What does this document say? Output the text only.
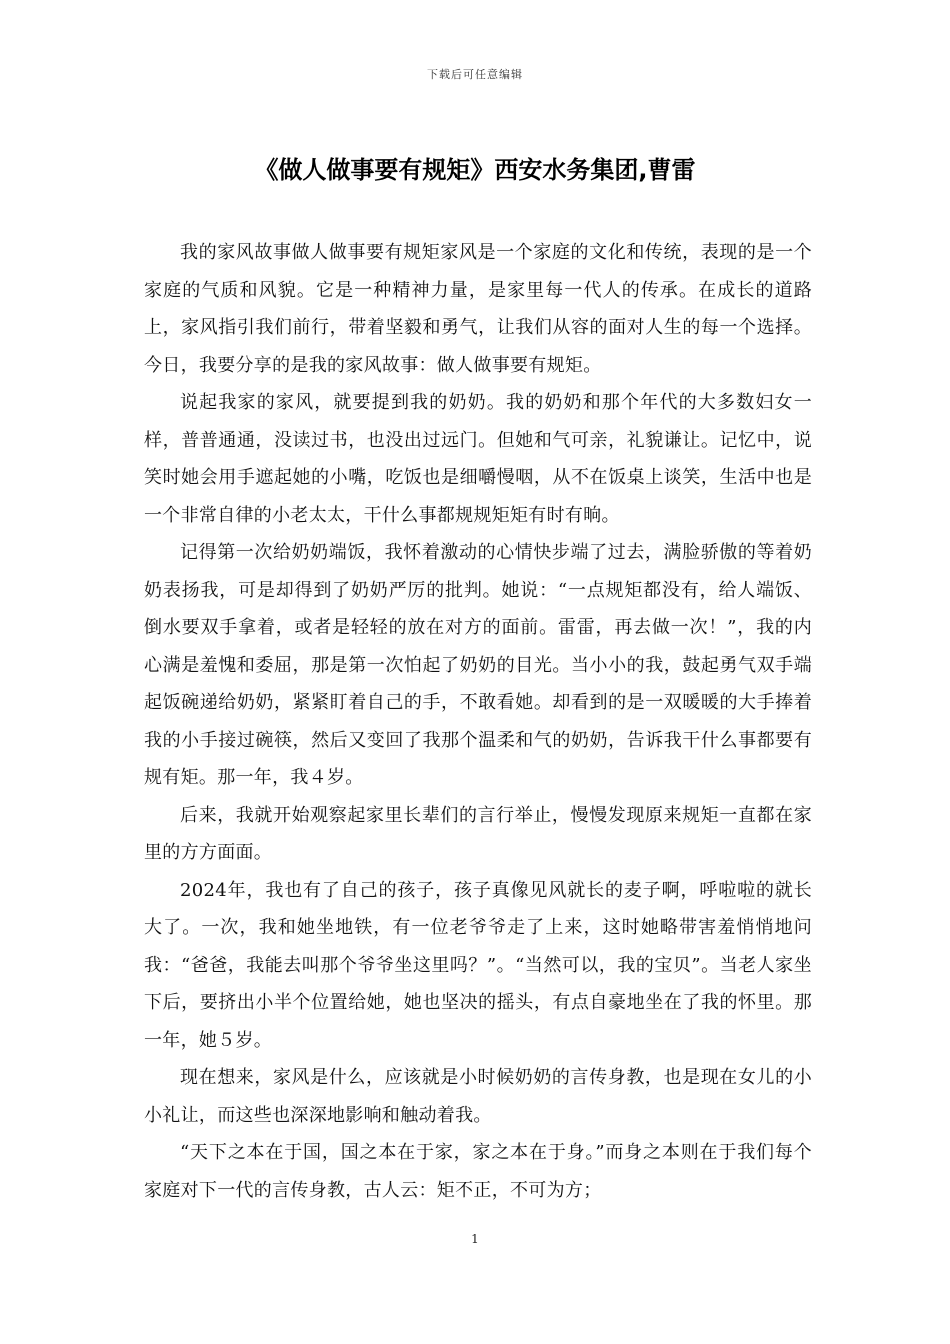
下载后可任意编辑
《做人做事要有规矩》西安水务集团,曹雷

我的家风故事做人做事要有规矩家风是一个家庭的文化和传统，表现的是一个家庭的气质和风貌。它是一种精神力量，是家里每一代人的传承。在成长的道路上，家风指引我们前行，带着坚毅和勇气，让我们从容的面对人生的每一个选择。今日，我要分享的是我的家风故事：做人做事要有规矩。

说起我家的家风，就要提到我的奶奶。我的奶奶和那个年代的大多数妇女一样，普普通通，没读过书，也没出过远门。但她和气可亲，礼貌谦让。记忆中，说笑时她会用手遮起她的小嘴，吃饭也是细嚼慢咽，从不在饭桌上谈笑，生活中也是一个非常自律的小老太太，干什么事都规规矩矩有时有晌。

记得第一次给奶奶端饭，我怀着激动的心情快步端了过去，满脸骄傲的等着奶奶表扬我，可是却得到了奶奶严厉的批判。她说：“一点规矩都没有，给人端饭、倒水要双手拿着，或者是轻轻的放在对方的面前。雷雷，再去做一次！”，我的内心满是羞愧和委屈，那是第一次怕起了奶奶的目光。当小小的我，鼓起勇气双手端起饭碗递给奶奶，紧紧盯着自己的手，不敢看她。却看到的是一双暖暖的大手捧着我的小手接过碗筷，然后又变回了我那个温柔和气的奶奶，告诉我干什么事都要有规有矩。那一年，我４岁。

后来，我就开始观察起家里长辈们的言行举止，慢慢发现原来规矩一直都在家里的方方面面。

2024年，我也有了自己的孩子，孩子真像见风就长的麦子啊，呼啦啦的就长大了。一次，我和她坐地铁，有一位老爷爷走了上来，这时她略带害羞悄悄地问我：“爸爸，我能去叫那个爷爷坐这里吗？”。“当然可以，我的宝贝”。当老人家坐下后，要挤出小半个位置给她，她也坚决的摇头，有点自豪地坐在了我的怀里。那一年，她５岁。

现在想来，家风是什么，应该就是小时候奶奶的言传身教，也是现在女儿的小小礼让，而这些也深深地影响和触动着我。

“天下之本在于国，国之本在于家，家之本在于身。”而身之本则在于我们每个家庭对下一代的言传身教，古人云：矩不正，不可为方；

1
